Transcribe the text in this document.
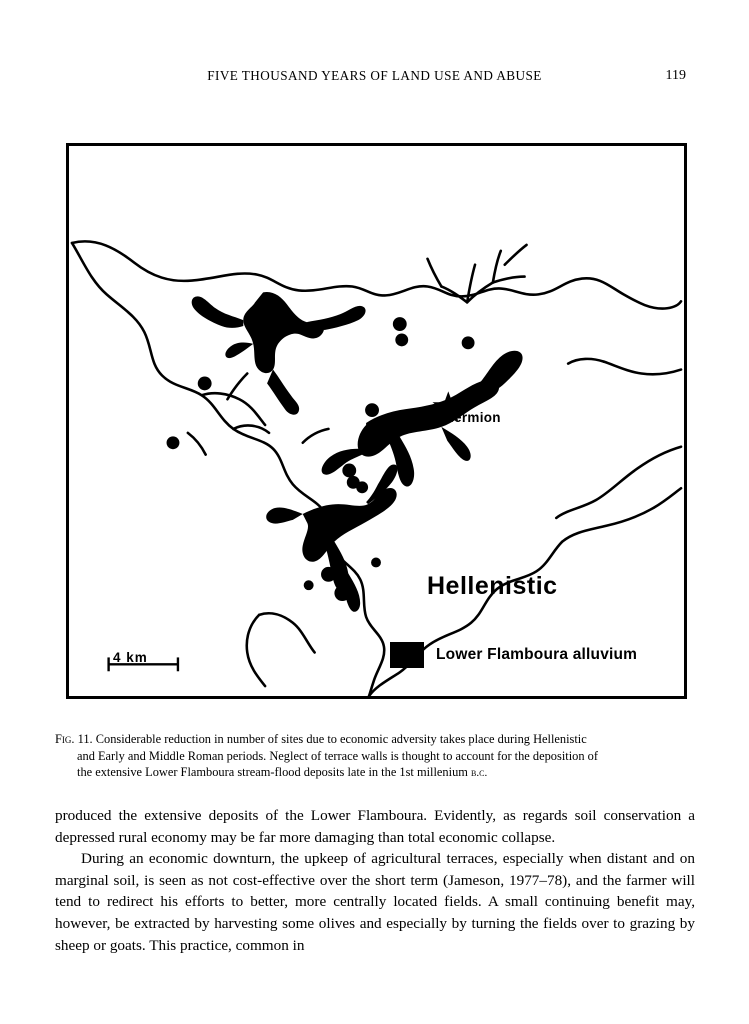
FIVE THOUSAND YEARS OF LAND USE AND ABUSE	119
4 km
Hermion
Hellenistic
Lower Flamboura alluvium
Fig. 11. Considerable reduction in number of sites due to economic adversity takes place during Hellenistic
and Early and Middle Roman periods. Neglect of terrace walls is thought to account for the deposition of
the extensive Lower Flamboura stream-flood deposits late in the 1st millenium b.c.

produced the extensive deposits of the Lower Flamboura. Evidently, as regards soil conservation a depressed rural economy may be far more damaging than total economic collapse.

During an economic downturn, the upkeep of agricultural terraces, especially when distant and on marginal soil, is seen as not cost-effective over the short term (Jameson, 1977–78), and the farmer will tend to redirect his efforts to better, more centrally located fields. A small continuing benefit may, however, be extracted by harvesting some olives and especially by turning the fields over to grazing by sheep or goats. This practice, common in
